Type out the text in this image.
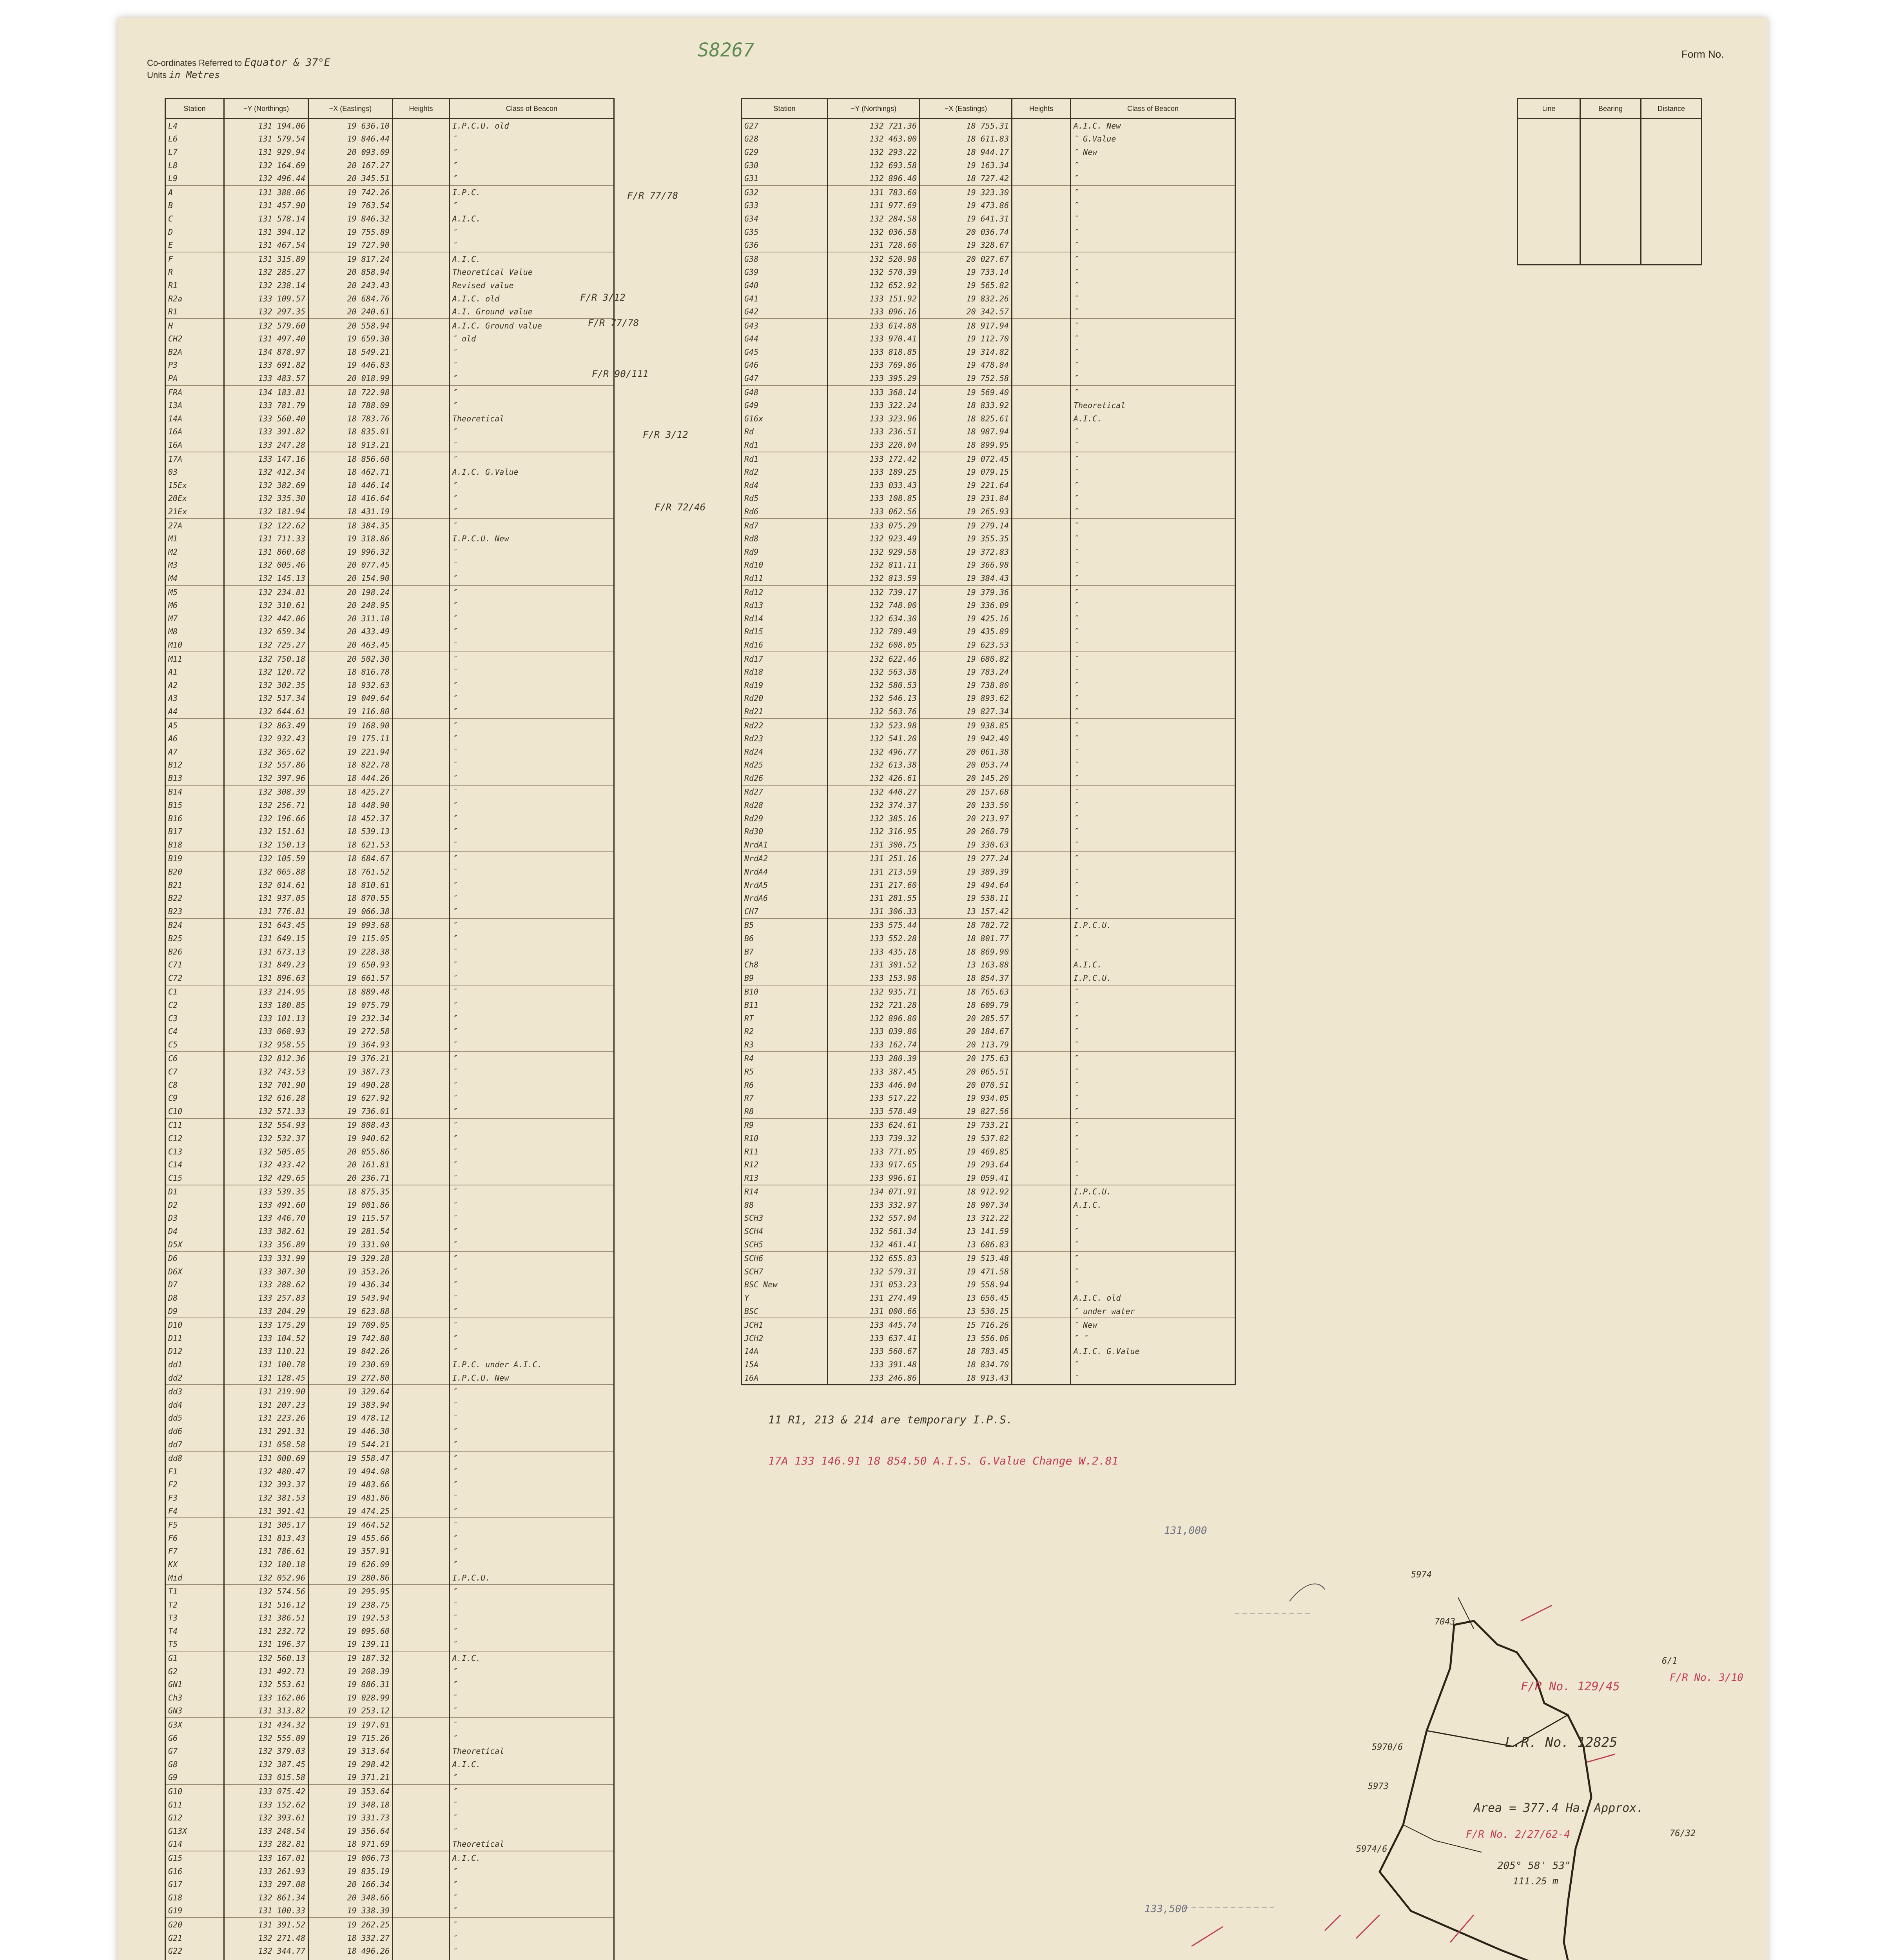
S8267	Form No.
Co-ordinates Referred to Equator & 37°E
Units in Metres
Station	−Y (Northings)	−X (Eastings)	Heights	Class of Beacon
L4	131 194.06	19 636.10		I.P.C.U. old
L6	131 579.54	19 846.44		″
L7	131 929.94	20 093.09		″
L8	132 164.69	20 167.27		″
L9	132 496.44	20 345.51		″
A	131 388.06	19 742.26		I.P.C.
B	131 457.90	19 763.54		″
C	131 578.14	19 846.32		A.I.C.
D	131 394.12	19 755.89		″
E	131 467.54	19 727.90		″
F	131 315.89	19 817.24		A.I.C.
R	132 285.27	20 858.94		Theoretical Value
R1	132 238.14	20 243.43		Revised value
R2a	133 109.57	20 684.76		A.I.C. old
R1	132 297.35	20 240.61		A.I. Ground value
H	132 579.60	20 558.94		A.I.C. Ground value
CH2	131 497.40	19 659.30		″ old
B2A	134 878.97	18 549.21		″
P3	133 691.82	19 446.83		″
PA	133 483.57	20 018.99		″
FRA	134 183.81	18 722.98		″
13A	133 781.79	18 788.09		″
14A	133 560.40	18 783.76		Theoretical
16A	133 391.82	18 835.01		″
16A	133 247.28	18 913.21		″
17A	133 147.16	18 856.60		″
03	132 412.34	18 462.71		A.I.C. G.Value
15Ex	132 382.69	18 446.14		″
20Ex	132 335.30	18 416.64		″
21Ex	132 181.94	18 431.19		″
27A	132 122.62	18 384.35		″
M1	131 711.33	19 318.86		I.P.C.U. New
M2	131 860.68	19 996.32		″
M3	132 005.46	20 077.45		″
M4	132 145.13	20 154.90		″
M5	132 234.81	20 198.24		″
M6	132 310.61	20 248.95		″
M7	132 442.06	20 311.10		″
M8	132 659.34	20 433.49		″
M10	132 725.27	20 463.45		″
M11	132 750.18	20 502.30		″
A1	132 120.72	18 816.78		″
A2	132 302.35	18 932.63		″
A3	132 517.34	19 049.64		″
A4	132 644.61	19 116.80		″
A5	132 863.49	19 168.90		″
A6	132 932.43	19 175.11		″
A7	132 365.62	19 221.94		″
B12	132 557.86	18 822.78		″
B13	132 397.96	18 444.26		″
B14	132 308.39	18 425.27		″
B15	132 256.71	18 448.90		″
B16	132 196.66	18 452.37		″
B17	132 151.61	18 539.13		″
B18	132 150.13	18 621.53		″
B19	132 105.59	18 684.67		″
B20	132 065.88	18 761.52		″
B21	132 014.61	18 810.61		″
B22	131 937.05	18 870.55		″
B23	131 776.81	19 066.38		″
B24	131 643.45	19 093.68		″
B25	131 649.15	19 115.05		″
B26	131 673.13	19 228.38		″
C71	131 849.23	19 650.93		″
C72	131 896.63	19 661.57		″
C1	133 214.95	18 889.48		″
C2	133 180.85	19 075.79		″
C3	133 101.13	19 232.34		″
C4	133 068.93	19 272.58		″
C5	132 958.55	19 364.93		″
C6	132 812.36	19 376.21		″
C7	132 743.53	19 387.73		″
C8	132 701.90	19 490.28		″
C9	132 616.28	19 627.92		″
C10	132 571.33	19 736.01		″
C11	132 554.93	19 808.43		″
C12	132 532.37	19 940.62		″
C13	132 505.05	20 055.86		″
C14	132 433.42	20 161.81		″
C15	132 429.65	20 236.71		″
D1	133 539.35	18 875.35		″
D2	133 491.60	19 001.86		″
D3	133 446.70	19 115.57		″
D4	133 382.61	19 281.54		″
D5X	133 356.89	19 331.00		″
D6	133 331.99	19 329.28		″
D6X	133 307.30	19 353.26		″
D7	133 288.62	19 436.34		″
D8	133 257.83	19 543.94		″
D9	133 204.29	19 623.88		″
D10	133 175.29	19 709.05		″
D11	133 104.52	19 742.80		″
D12	133 110.21	19 842.26		″
dd1	131 100.78	19 230.69		I.P.C. under A.I.C.
dd2	131 128.45	19 272.80		I.P.C.U. New
dd3	131 219.90	19 329.64		″
dd4	131 207.23	19 383.94		″
dd5	131 223.26	19 478.12		″
dd6	131 291.31	19 446.30		″
dd7	131 058.58	19 544.21		″
dd8	131 000.69	19 558.47		″
F1	132 480.47	19 494.08		″
F2	132 393.37	19 483.66		″
F3	132 381.53	19 481.86		″
F4	131 391.41	19 474.25		″
F5	131 305.17	19 464.52		″
F6	131 813.43	19 455.66		″
F7	131 786.61	19 357.91		″
KX	132 180.18	19 626.09		″
Mid	132 052.96	19 280.86		I.P.C.U.
T1	132 574.56	19 295.95		″
T2	131 516.12	19 238.75		″
T3	131 386.51	19 192.53		″
T4	131 232.72	19 095.60		″
T5	131 196.37	19 139.11		″
G1	132 560.13	19 187.32		A.I.C.
G2	131 492.71	19 208.39		″
GN1	132 553.61	19 886.31		″
Ch3	133 162.06	19 028.99		″
GN3	131 313.82	19 253.12		″
G3X	131 434.32	19 197.01		″
G6	132 555.09	19 715.26		″
G7	132 379.03	19 313.64		Theoretical
G8	132 387.45	19 298.42		A.I.C.
G9	133 015.58	19 371.21		″
G10	133 075.42	19 353.64		″
G11	133 152.62	19 348.18		″
G12	132 393.61	19 331.73		″
G13X	133 248.54	19 356.64		″
G14	133 282.81	18 971.69		Theoretical
G15	133 167.01	19 006.73		A.I.C.
G16	133 261.93	19 835.19		″
G17	133 297.08	20 166.34		″
G18	132 861.34	20 348.66		″
G19	131 100.33	19 338.39		″
G20	131 391.52	19 262.25		″
G21	132 271.48	18 332.27		″
G22	132 344.77	18 496.26		″

Station	−Y (Northings)	−X (Eastings)	Heights	Class of Beacon
G27	132 721.36	18 755.31		A.I.C. New
G28	132 463.00	18 611.83		″ G.Value
G29	132 293.22	18 944.17		″ New
G30	132 693.58	19 163.34		″
G31	132 896.40	18 727.42		″
G32	131 783.60	19 323.30		″
G33	131 977.69	19 473.86		″
G34	132 284.58	19 641.31		″
G35	132 036.58	20 036.74		″
G36	131 728.60	19 328.67		″
G38	132 520.98	20 027.67		″
G39	132 570.39	19 733.14		″
G40	132 652.92	19 565.82		″
G41	133 151.92	19 832.26		″
G42	133 096.16	20 342.57		″
G43	133 614.88	18 917.94		″
G44	133 970.41	19 112.70		″
G45	133 818.85	19 314.82		″
G46	133 769.86	19 478.84		″
G47	133 395.29	19 752.58		″
G48	133 368.14	19 569.40		″
G49	133 322.24	18 833.92		Theoretical
G16x	133 323.96	18 825.61		A.I.C.
Rd	133 236.51	18 987.94		″
Rd1	133 220.04	18 899.95		″
Rd1	133 172.42	19 072.45		″
Rd2	133 189.25	19 079.15		″
Rd4	133 033.43	19 221.64		″
Rd5	133 108.85	19 231.84		″
Rd6	133 062.56	19 265.93		″
Rd7	133 075.29	19 279.14		″
Rd8	132 923.49	19 355.35		″
Rd9	132 929.58	19 372.83		″
Rd10	132 811.11	19 366.98		″
Rd11	132 813.59	19 384.43		″
Rd12	132 739.17	19 379.36		″
Rd13	132 748.00	19 336.09		″
Rd14	132 634.30	19 425.16		″
Rd15	132 789.49	19 435.89		″
Rd16	132 608.05	19 623.53		″
Rd17	132 622.46	19 680.82		″
Rd18	132 563.38	19 783.24		″
Rd19	132 580.53	19 738.80		″
Rd20	132 546.13	19 893.62		″
Rd21	132 563.76	19 827.34		″
Rd22	132 523.98	19 938.85		″
Rd23	132 541.20	19 942.40		″
Rd24	132 496.77	20 061.38		″
Rd25	132 613.38	20 053.74		″
Rd26	132 426.61	20 145.20		″
Rd27	132 440.27	20 157.68		″
Rd28	132 374.37	20 133.50		″
Rd29	132 385.16	20 213.97		″
Rd30	132 316.95	20 260.79		″
NrdA1	131 300.75	19 330.63		″
NrdA2	131 251.16	19 277.24		″
NrdA4	131 213.59	19 389.39		″
NrdA5	131 217.60	19 494.64		″
NrdA6	131 281.55	19 538.11		″
CH7	131 306.33	13 157.42		″
B5	133 575.44	18 782.72		I.P.C.U.
B6	133 552.28	18 801.77		″
B7	133 435.18	18 869.90		″
Ch8	131 301.52	13 163.88		A.I.C.
B9	133 153.98	18 854.37		I.P.C.U.
B10	132 935.71	18 765.63		″
B11	132 721.28	18 609.79		″
RT	132 896.80	20 285.57		″
R2	133 039.80	20 184.67		″
R3	133 162.74	20 113.79		″
R4	133 280.39	20 175.63		″
R5	133 387.45	20 065.51		″
R6	133 446.04	20 070.51		″
R7	133 517.22	19 934.05		″
R8	133 578.49	19 827.56		″
R9	133 624.61	19 733.21		″
R10	133 739.32	19 537.82		″
R11	133 771.05	19 469.85		″
R12	133 917.65	19 293.64		″
R13	133 996.61	19 059.41		″
R14	134 071.91	18 912.92		I.P.C.U.
88	133 332.97	18 907.34		A.I.C.
SCH3	132 557.04	13 312.22		″
SCH4	132 561.34	13 141.59		″
SCH5	132 461.41	13 686.83		″
SCH6	132 655.83	19 513.48		″
SCH7	132 579.31	19 471.58		″
BSC New	131 053.23	19 558.94		″
Y	131 274.49	13 650.45		A.I.C. old
BSC	131 000.66	13 530.15		″ under water
JCH1	133 445.74	15 716.26		″ New
JCH2	133 637.41	13 556.06		″ ″
14A	133 560.67	18 783.45		A.I.C. G.Value
15A	133 391.48	18 834.70		″
16A	133 246.86	18 913.43		″
F/R 77/78
F/R 3/12
F/R 77/78
F/R 90/111
F/R 3/12
F/R 72/46
Line	Bearing	Distance

11 R1, 213 & 214 are temporary I.P.S.
17A 133 146.91 18 854.50 A.I.S. G.Value Change W.2.81
131,000
133,500
L.R. No. 12825
Area = 377.4 Ha. Approx.
F/R No. 129/45
F/R No. 3/10
F/R No. 2/27/62-4
205° 58' 53"
111.25 m
7043
5970/6
5973
5974/6
6/1
5974
76/32
